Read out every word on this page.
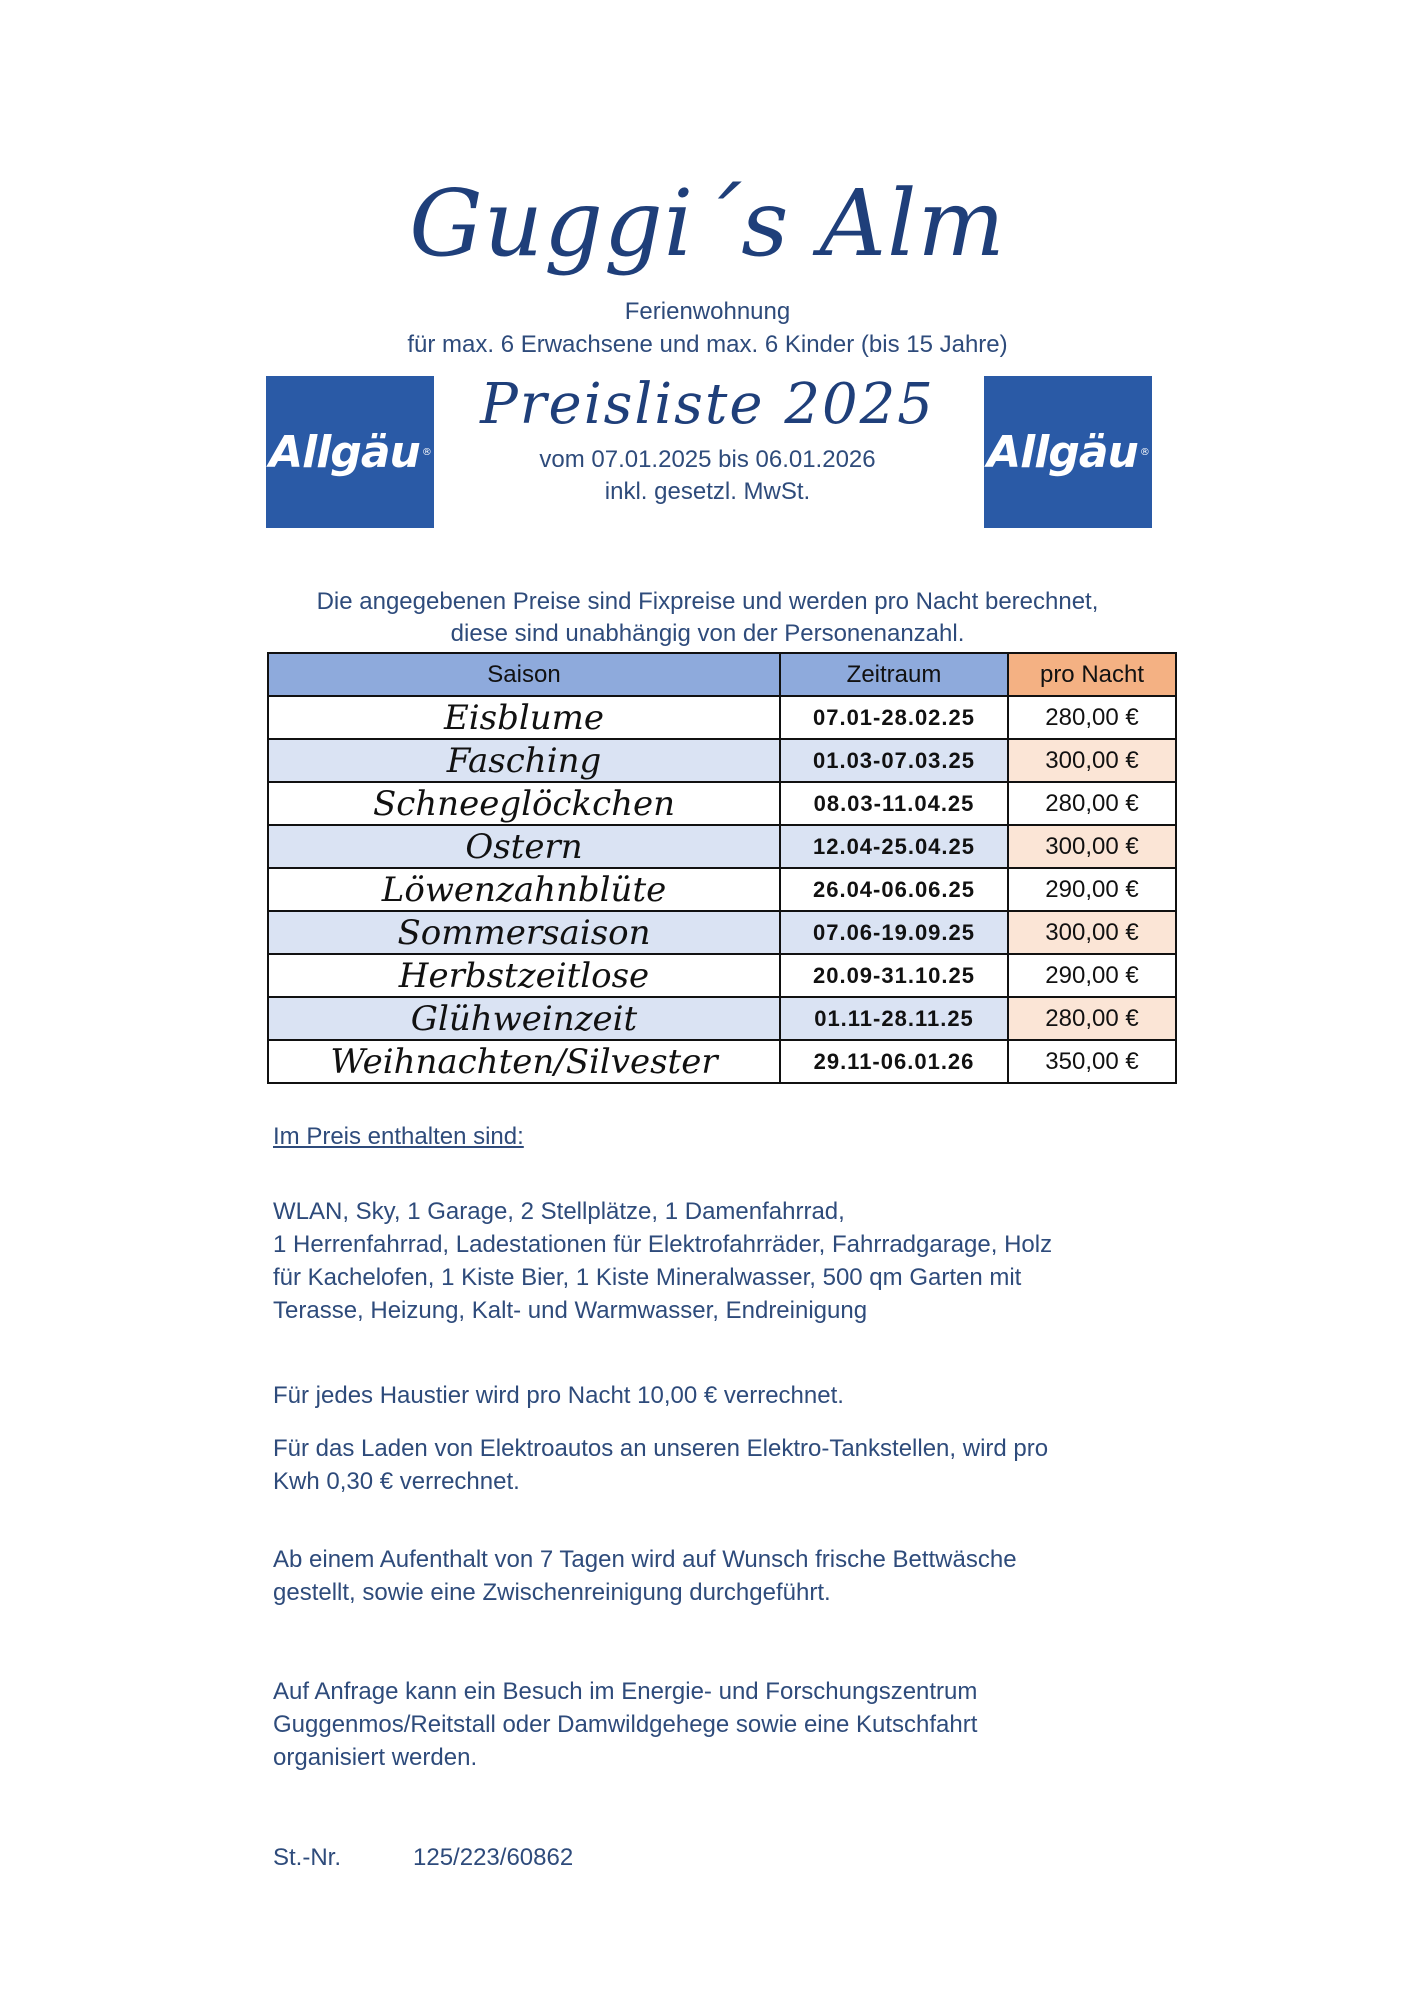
Guggi´s Alm
Ferienwohnung
für max. 6 Erwachsene und max. 6 Kinder (bis 15 Jahre)
Allgäu ®	Allgäu ®
Preisliste 2025
vom 07.01.2025 bis 06.01.2026
inkl. gesetzl. MwSt.
Die angegebenen Preise sind Fixpreise und werden pro Nacht berechnet,
diese sind unabhängig von der Personenanzahl.
Saison	Zeitraum	pro Nacht
Eisblume	07.01-28.02.25	280,00 €
Fasching	01.03-07.03.25	300,00 €
Schneeglöckchen	08.03-11.04.25	280,00 €
Ostern	12.04-25.04.25	300,00 €
Löwenzahnblüte	26.04-06.06.25	290,00 €
Sommersaison	07.06-19.09.25	300,00 €
Herbstzeitlose	20.09-31.10.25	290,00 €
Glühweinzeit	01.11-28.11.25	280,00 €
Weihnachten/Silvester	29.11-06.01.26	350,00 €
Im Preis enthalten sind:
WLAN, Sky, 1 Garage, 2 Stellplätze, 1 Damenfahrrad,
1 Herrenfahrrad, Ladestationen für Elektrofahrräder, Fahrradgarage, Holz
für Kachelofen, 1 Kiste Bier, 1 Kiste Mineralwasser, 500 qm Garten mit
Terasse, Heizung, Kalt- und Warmwasser, Endreinigung
Für jedes Haustier wird pro Nacht 10,00 € verrechnet.
Für das Laden von Elektroautos an unseren Elektro-Tankstellen, wird pro
Kwh 0,30 € verrechnet.
Ab einem Aufenthalt von 7 Tagen wird auf Wunsch frische Bettwäsche
gestellt, sowie eine Zwischenreinigung durchgeführt.
Auf Anfrage kann ein Besuch im Energie- und Forschungszentrum
Guggenmos/Reitstall oder Damwildgehege sowie eine Kutschfahrt
organisiert werden.
St.-Nr.	125/223/60862
